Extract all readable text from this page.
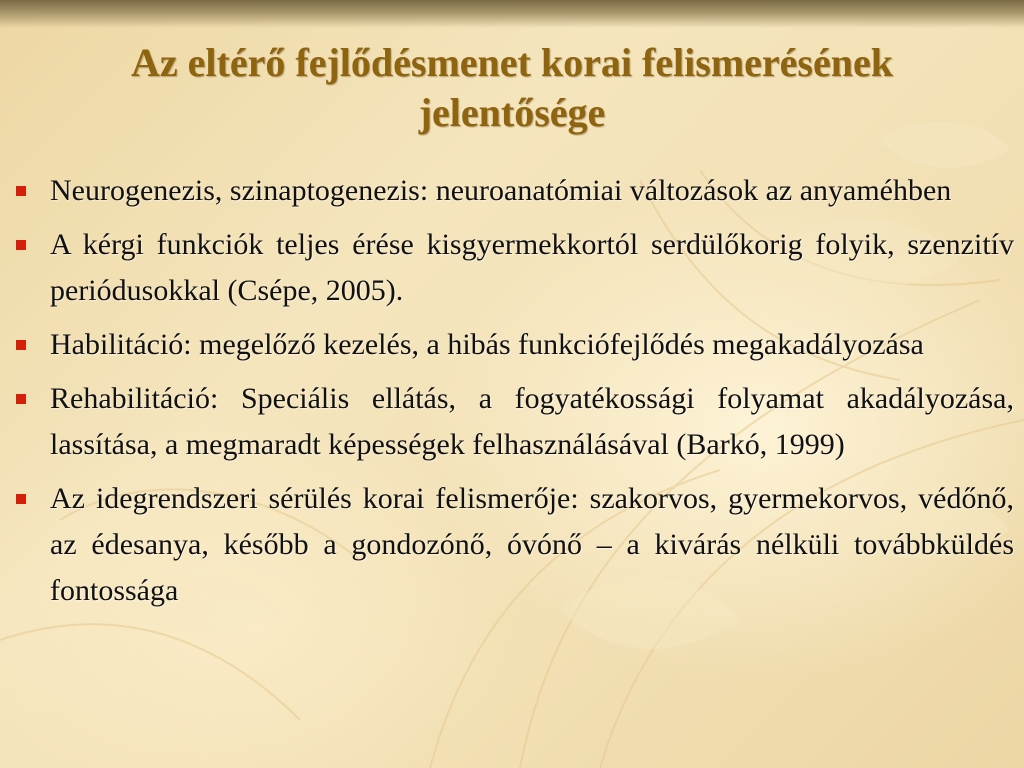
Az eltérő fejlődésmenet korai felismerésének jelentősége
Neurogenezis, szinaptogenezis: neuroanatómiai változások az anyaméhben
A kérgi funkciók teljes érése kisgyermekkortól serdülőkorig folyik, szenzitív periódusokkal (Csépe, 2005).
Habilitáció: megelőző kezelés, a hibás funkciófejlődés megakadályozása
Rehabilitáció: Speciális ellátás, a fogyatékossági folyamat akadályozása, lassítása, a megmaradt képességek felhasználásával (Barkó, 1999)
Az idegrendszeri sérülés korai felismerője: szakorvos, gyermekorvos, védőnő, az édesanya, később a gondozónő, óvónő – a kivárás nélküli továbbküldés fontossága
